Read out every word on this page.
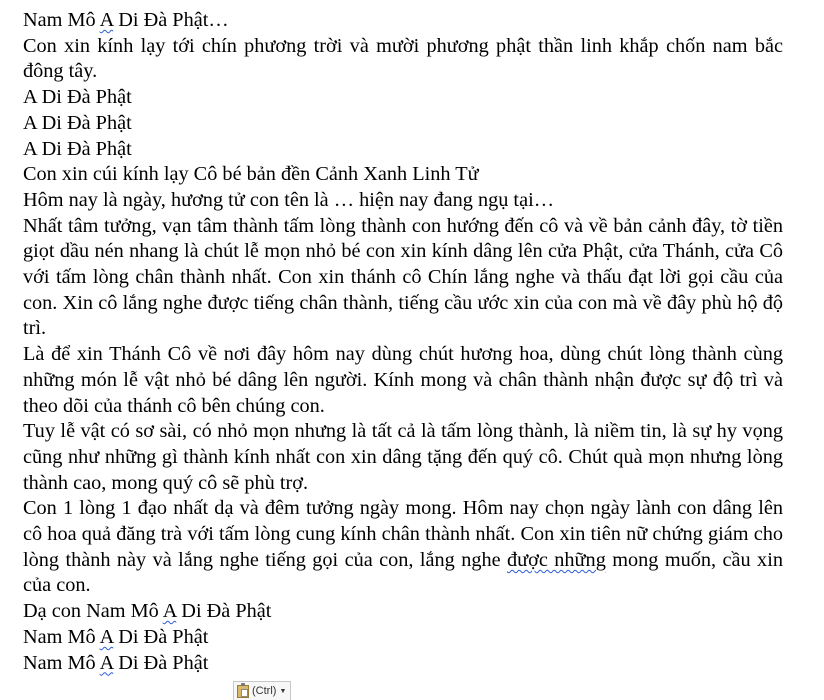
Nam Mô A Di Đà Phật…

Con xin kính lạy tới chín phương trời và mười phương phật thần linh khắp chốn nam bắc đông tây.

A Di Đà Phật

A Di Đà Phật

A Di Đà Phật

Con xin cúi kính lạy Cô bé bản đền Cảnh Xanh Linh Tử

Hôm nay là ngày, hương tử con tên là … hiện nay đang ngụ tại…

Nhất tâm tưởng, vạn tâm thành tấm lòng thành con hướng đến cô và về bản cảnh đây, tờ tiền giọt dầu nén nhang là chút lễ mọn nhỏ bé con xin kính dâng lên cửa Phật, cửa Thánh, cửa Cô với tấm lòng chân thành nhất. Con xin thánh cô Chín lắng nghe và thấu đạt lời gọi cầu của con. Xin cô lắng nghe được tiếng chân thành, tiếng cầu ước xin của con mà về đây phù hộ độ trì.

Là để xin Thánh Cô về nơi đây hôm nay dùng chút hương hoa, dùng chút lòng thành cùng những món lễ vật nhỏ bé dâng lên người. Kính mong và chân thành nhận được sự độ trì và theo dõi của thánh cô bên chúng con.

Tuy lễ vật có sơ sài, có nhỏ mọn nhưng là tất cả là tấm lòng thành, là niềm tin, là sự hy vọng cũng như những gì thành kính nhất con xin dâng tặng đến quý cô. Chút quà mọn nhưng lòng thành cao, mong quý cô sẽ phù trợ.

Con 1 lòng 1 đạo nhất dạ và đêm tưởng ngày mong. Hôm nay chọn ngày lành con dâng lên cô hoa quả đăng trà với tấm lòng cung kính chân thành nhất. Con xin tiên nữ chứng giám cho lòng thành này và lắng nghe tiếng gọi của con, lắng nghe được những mong muốn, cầu xin của con.

Dạ con Nam Mô A Di Đà Phật

Nam Mô A Di Đà Phật

Nam Mô A Di Đà Phật

(Ctrl) ▼
